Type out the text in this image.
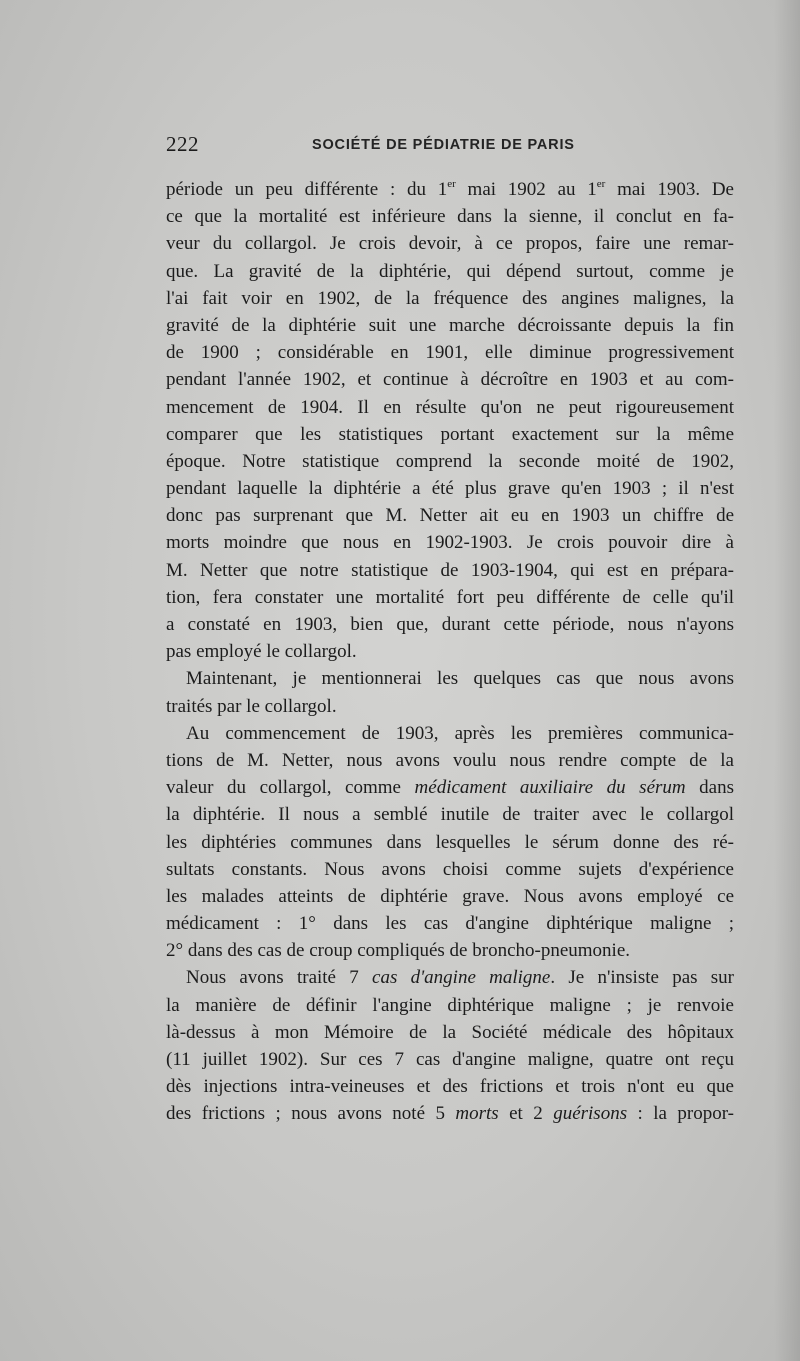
222	SOCIÉTÉ DE PÉDIATRIE DE PARIS
période un peu différente : du 1er mai 1902 au 1er mai 1903. De
ce que la mortalité est inférieure dans la sienne, il conclut en fa-
veur du collargol. Je crois devoir, à ce propos, faire une remar-
que. La gravité de la diphtérie, qui dépend surtout, comme je
l'ai fait voir en 1902, de la fréquence des angines malignes, la
gravité de la diphtérie suit une marche décroissante depuis la fin
de 1900 ; considérable en 1901, elle diminue progressivement
pendant l'année 1902, et continue à décroître en 1903 et au com-
mencement de 1904. Il en résulte qu'on ne peut rigoureusement
comparer que les statistiques portant exactement sur la même
époque. Notre statistique comprend la seconde moité de 1902,
pendant laquelle la diphtérie a été plus grave qu'en 1903 ; il n'est
donc pas surprenant que M. Netter ait eu en 1903 un chiffre de
morts moindre que nous en 1902-1903. Je crois pouvoir dire à
M. Netter que notre statistique de 1903-1904, qui est en prépara-
tion, fera constater une mortalité fort peu différente de celle qu'il
a constaté en 1903, bien que, durant cette période, nous n'ayons
pas employé le collargol.
Maintenant, je mentionnerai les quelques cas que nous avons
traités par le collargol.
Au commencement de 1903, après les premières communica-
tions de M. Netter, nous avons voulu nous rendre compte de la
valeur du collargol, comme médicament auxiliaire du sérum dans
la diphtérie. Il nous a semblé inutile de traiter avec le collargol
les diphtéries communes dans lesquelles le sérum donne des ré-
sultats constants. Nous avons choisi comme sujets d'expérience
les malades atteints de diphtérie grave. Nous avons employé ce
médicament : 1° dans les cas d'angine diphtérique maligne ;
2° dans des cas de croup compliqués de broncho-pneumonie.
Nous avons traité 7 cas d'angine maligne. Je n'insiste pas sur
la manière de définir l'angine diphtérique maligne ; je renvoie
là-dessus à mon Mémoire de la Société médicale des hôpitaux
(11 juillet 1902). Sur ces 7 cas d'angine maligne, quatre ont reçu
dès injections intra-veineuses et des frictions et trois n'ont eu que
des frictions ; nous avons noté 5 morts et 2 guérisons : la propor-
